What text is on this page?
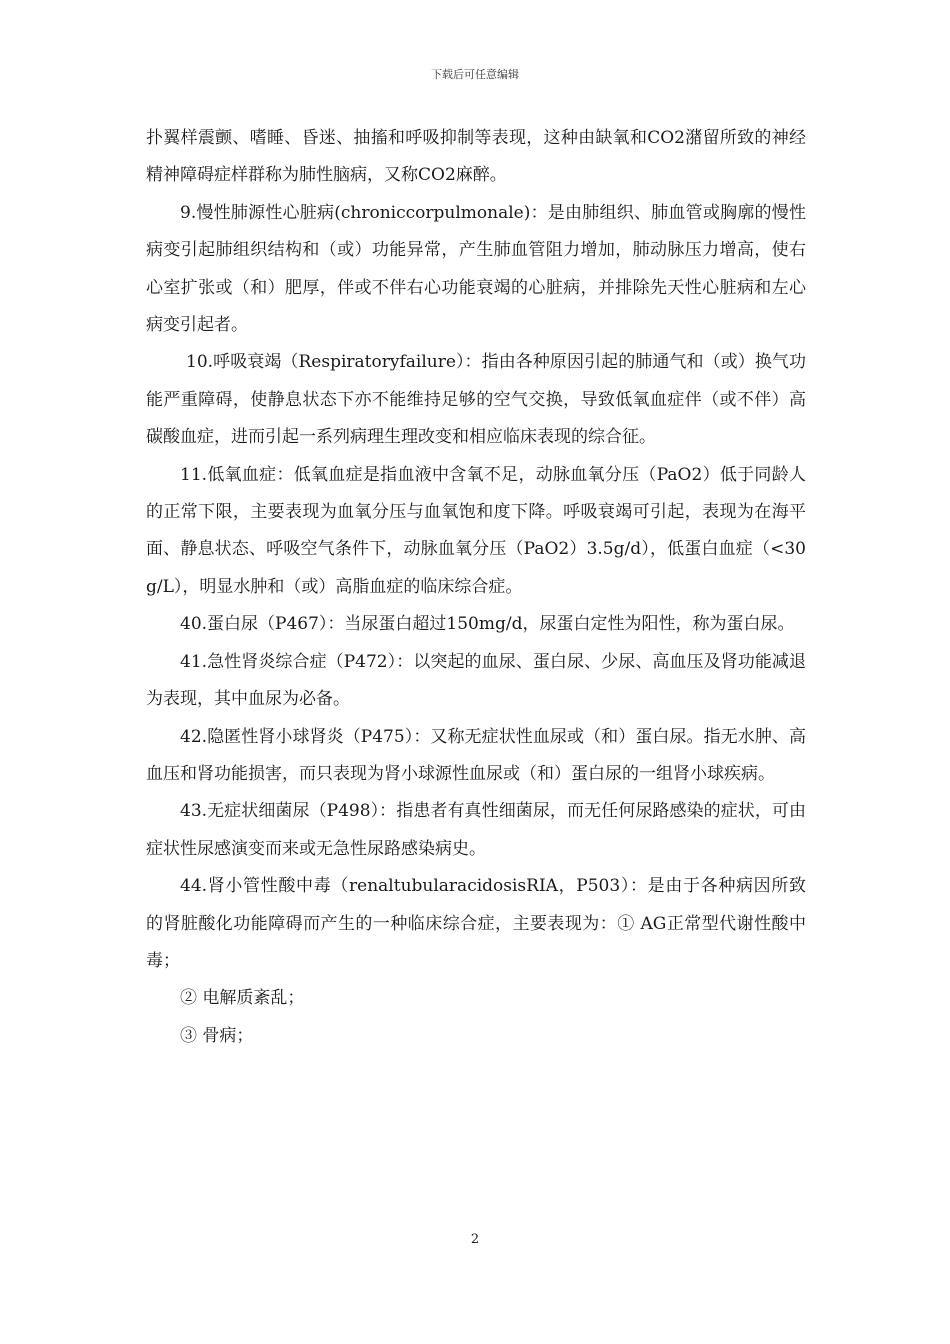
下载后可任意编辑

扑翼样震颤、嗜睡、昏迷、抽搐和呼吸抑制等表现，这种由缺氧和CO2潴留所致的神经精神障碍症样群称为肺性脑病，又称CO2麻醉。

9.慢性肺源性心脏病(chroniccorpulmonale)：是由肺组织、肺血管或胸廓的慢性病变引起肺组织结构和（或）功能异常，产生肺血管阻力增加，肺动脉压力增高，使右心室扩张或（和）肥厚，伴或不伴右心功能衰竭的心脏病，并排除先天性心脏病和左心病变引起者。

10.呼吸衰竭（Respiratoryfailure）：指由各种原因引起的肺通气和（或）换气功能严重障碍，使静息状态下亦不能维持足够的空气交换，导致低氧血症伴（或不伴）高碳酸血症，进而引起一系列病理生理改变和相应临床表现的综合征。

11.低氧血症：低氧血症是指血液中含氧不足，动脉血氧分压（PaO2）低于同龄人的正常下限，主要表现为血氧分压与血氧饱和度下降。呼吸衰竭可引起，表现为在海平面、静息状态、呼吸空气条件下，动脉血氧分压（PaO2）3.5g/d），低蛋白血症（<30g/L），明显水肿和（或）高脂血症的临床综合症。

40.蛋白尿（P467）：当尿蛋白超过150mg/d，尿蛋白定性为阳性，称为蛋白尿。

41.急性肾炎综合症（P472）：以突起的血尿、蛋白尿、少尿、高血压及肾功能减退为表现，其中血尿为必备。

42.隐匿性肾小球肾炎（P475）：又称无症状性血尿或（和）蛋白尿。指无水肿、高血压和肾功能损害，而只表现为肾小球源性血尿或（和）蛋白尿的一组肾小球疾病。

43.无症状细菌尿（P498）：指患者有真性细菌尿，而无任何尿路感染的症状，可由症状性尿感演变而来或无急性尿路感染病史。

44.肾小管性酸中毒（renaltubularacidosisRIA，P503）：是由于各种病因所致的肾脏酸化功能障碍而产生的一种临床综合症，主要表现为：① AG正常型代谢性酸中毒；

② 电解质紊乱；

③ 骨病；

2
